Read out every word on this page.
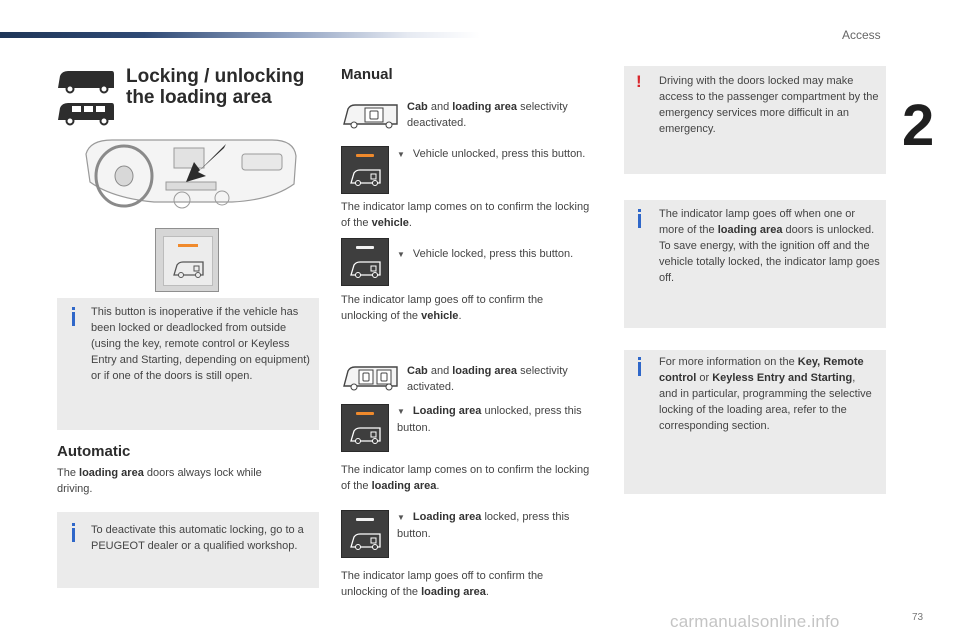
Access
2
73
carmanualsonline.info
Locking / unlocking
the loading area
This button is inoperative if the vehicle has been locked or deadlocked from outside (using the key, remote control or Keyless Entry and Starting, depending on equipment) or if one of the doors is still open.
Automatic
The loading area doors always lock while driving.
To deactivate this automatic locking, go to a PEUGEOT dealer or a qualified workshop.
Manual
Cab and loading area selectivity deactivated.
▼ Vehicle unlocked, press this button.
The indicator lamp comes on to confirm the locking of the vehicle.
▼ Vehicle locked, press this button.
The indicator lamp goes off to confirm the unlocking of the vehicle.
Cab and loading area selectivity activated.
▼ Loading area unlocked, press this button.
The indicator lamp comes on to confirm the locking of the loading area.
▼ Loading area locked, press this button.
The indicator lamp goes off to confirm the unlocking of the loading area.
! Driving with the doors locked may make access to the passenger compartment by the emergency services more difficult in an emergency.
The indicator lamp goes off when one or more of the loading area doors is unlocked.
To save energy, with the ignition off and the vehicle totally locked, the indicator lamp goes off.
For more information on the Key, Remote control or Keyless Entry and Starting, and in particular, programming the selective locking of the loading area, refer to the corresponding section.
